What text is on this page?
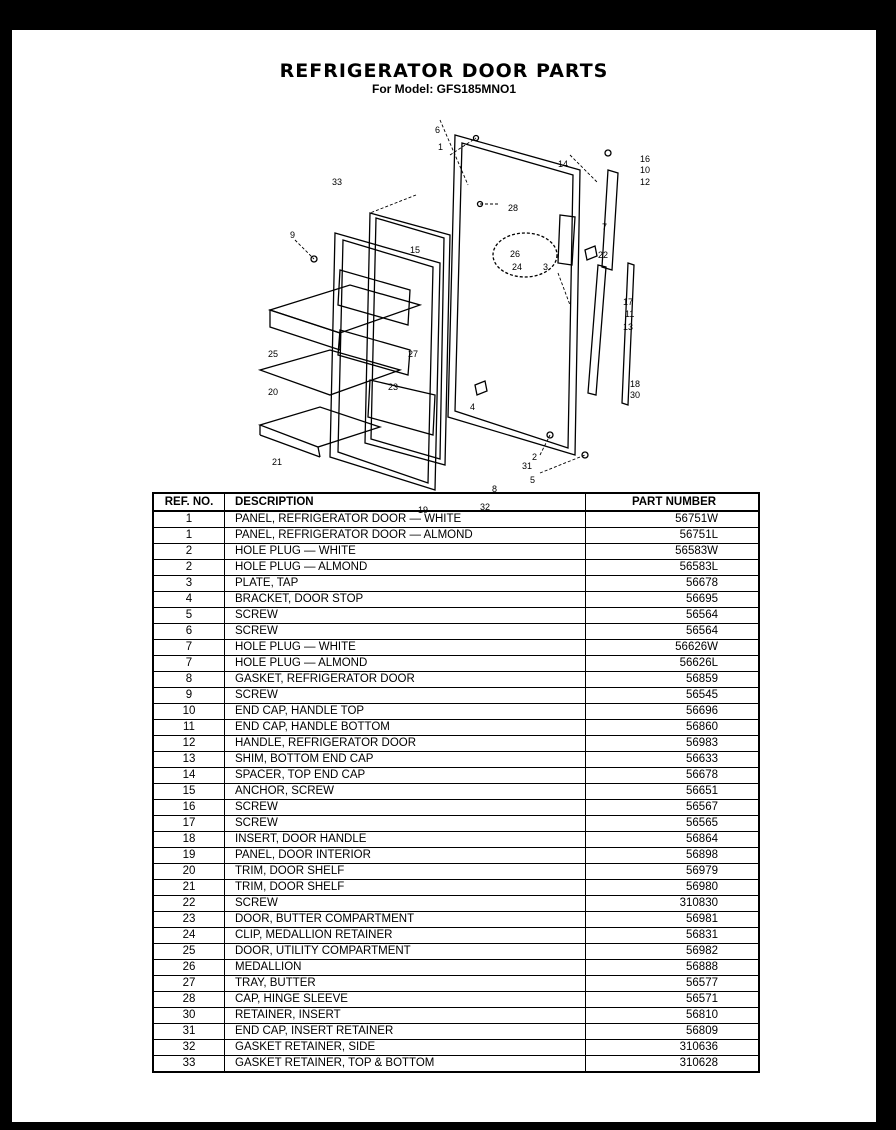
REFRIGERATOR DOOR PARTS
For Model: GFS185MNO1
1
2
3
4
5
6
7
8
9
10
11
12
13
14
15
16
17
18
19
20
21
22
23
24
25
26
27
28
30
31
32
33
REF. NO.	DESCRIPTION	PART NUMBER
1	PANEL, REFRIGERATOR DOOR — WHITE	56751W
1	PANEL, REFRIGERATOR DOOR — ALMOND	56751L
2	HOLE PLUG — WHITE	56583W
2	HOLE PLUG — ALMOND	56583L
3	PLATE, TAP	56678
4	BRACKET, DOOR STOP	56695
5	SCREW	56564
6	SCREW	56564
7	HOLE PLUG — WHITE	56626W
7	HOLE PLUG — ALMOND	56626L
8	GASKET, REFRIGERATOR DOOR	56859
9	SCREW	56545
10	END CAP, HANDLE TOP	56696
11	END CAP, HANDLE BOTTOM	56860
12	HANDLE, REFRIGERATOR DOOR	56983
13	SHIM, BOTTOM END CAP	56633
14	SPACER, TOP END CAP	56678
15	ANCHOR, SCREW	56651
16	SCREW	56567
17	SCREW	56565
18	INSERT, DOOR HANDLE	56864
19	PANEL, DOOR INTERIOR	56898
20	TRIM, DOOR SHELF	56979
21	TRIM, DOOR SHELF	56980
22	SCREW	310830
23	DOOR, BUTTER COMPARTMENT	56981
24	CLIP, MEDALLION RETAINER	56831
25	DOOR, UTILITY COMPARTMENT	56982
26	MEDALLION	56888
27	TRAY, BUTTER	56577
28	CAP, HINGE SLEEVE	56571
30	RETAINER, INSERT	56810
31	END CAP, INSERT RETAINER	56809
32	GASKET RETAINER, SIDE	310636
33	GASKET RETAINER, TOP & BOTTOM	310628
